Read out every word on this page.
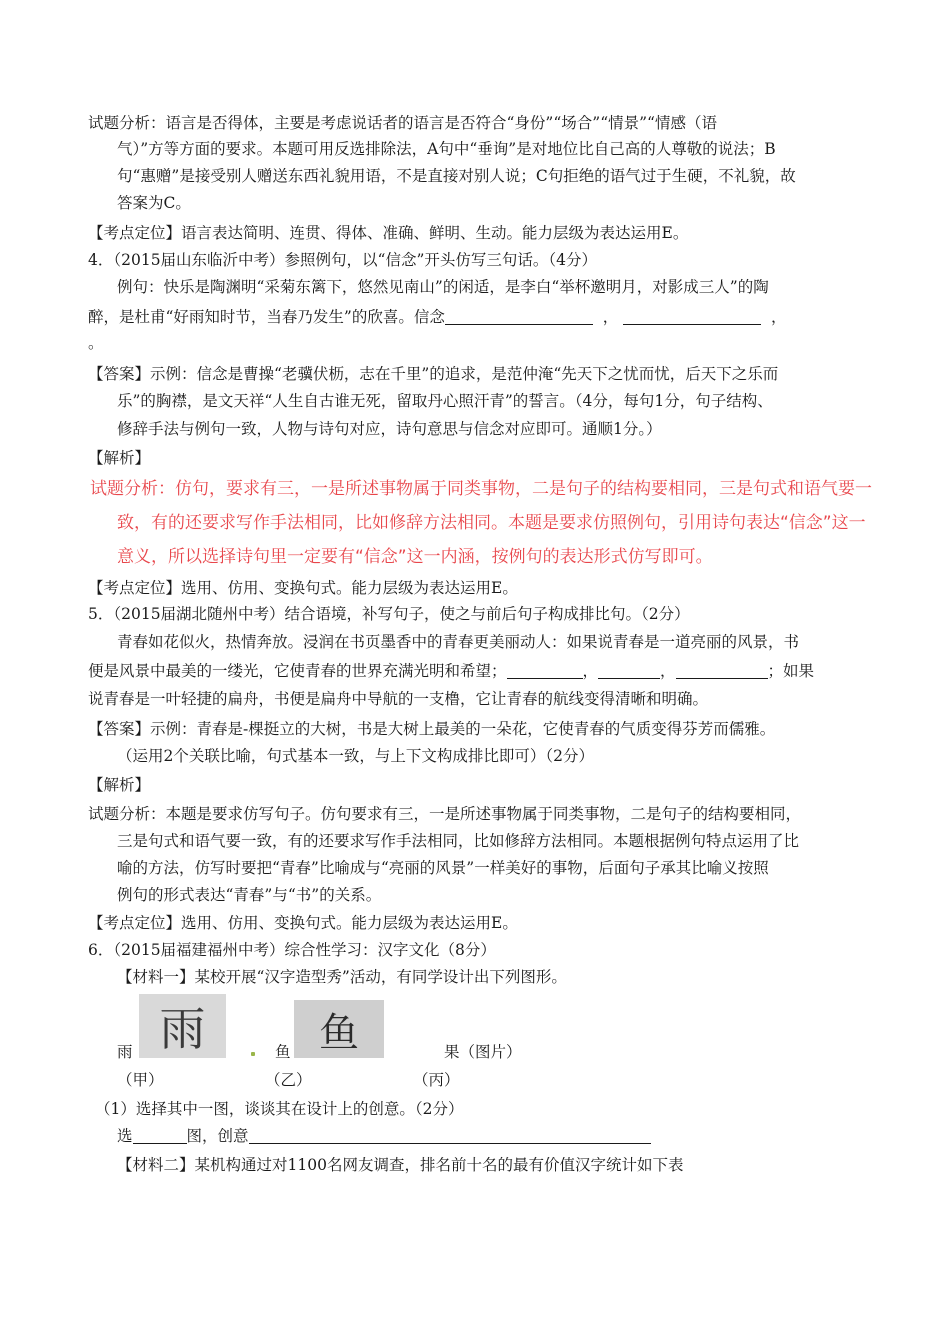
试题分析：语言是否得体，主要是考虑说话者的语言是否符合“身份”“场合”“情景”“情感（语
气）”方等方面的要求。本题可用反选排除法，A句中“垂询”是对地位比自己高的人尊敬的说法；B
句“惠赠”是接受别人赠送东西礼貌用语，不是直接对别人说；C句拒绝的语气过于生硬，不礼貌，故
答案为C。
【考点定位】语言表达简明、连贯、得体、准确、鲜明、生动。能力层级为表达运用E。
4．（2015届山东临沂中考）参照例句，以“信念”开头仿写三句话。（4分）
例句：快乐是陶渊明“采菊东篱下，悠然见南山”的闲适，是李白“举杯邀明月，对影成三人”的陶
醉，是杜甫“好雨知时节，当春乃发生”的欣喜。信念	，	，
。
【答案】示例：信念是曹操“老骥伏枥，志在千里”的追求，是范仲淹“先天下之忧而忧，后天下之乐而
乐”的胸襟，是文天祥“人生自古谁无死，留取丹心照汗青”的誓言。（4分，每句1分，句子结构、
修辞手法与例句一致，人物与诗句对应，诗句意思与信念对应即可。通顺1分。）
【解析】
试题分析：仿句，要求有三，一是所述事物属于同类事物，二是句子的结构要相同，三是句式和语气要一
致，有的还要求写作手法相同，比如修辞方法相同。本题是要求仿照例句，引用诗句表达“信念”这一
意义，所以选择诗句里一定要有“信念”这一内涵，按例句的表达形式仿写即可。
【考点定位】选用、仿用、变换句式。能力层级为表达运用E。
5．（2015届湖北随州中考）结合语境，补写句子，使之与前后句子构成排比句。（2分）
青春如花似火，热情奔放。浸润在书页墨香中的青春更美丽动人：如果说青春是一道亮丽的风景，书
便是风景中最美的一缕光，它使青春的世界充满光明和希望；	，	，	；如果
说青春是一叶轻捷的扁舟，书便是扁舟中导航的一支橹，它让青春的航线变得清晰和明确。
【答案】示例：青春是-棵挺立的大树，书是大树上最美的一朵花，它使青春的气质变得芬芳而儒雅。
（运用2个关联比喻，句式基本一致，与上下文构成排比即可）（2分）
【解析】
试题分析：本题是要求仿写句子。仿句要求有三，一是所述事物属于同类事物，二是句子的结构要相同，
三是句式和语气要一致，有的还要求写作手法相同，比如修辞方法相同。本题根据例句特点运用了比
喻的方法，仿写时要把“青春”比喻成与“亮丽的风景”一样美好的事物，后面句子承其比喻义按照
例句的形式表达“青春”与“书”的关系。
【考点定位】选用、仿用、变换句式。能力层级为表达运用E。
6．（2015届福建福州中考）综合性学习：汉字文化（8分）
【材料一】某校开展“汉字造型秀”活动，有同学设计出下列图形。
雨	鱼
雨	鱼	果（图片）
（甲）	（乙）	（丙）
（1）选择其中一图，谈谈其在设计上的创意。（2分）
选	图，创意
【材料二】某机构通过对1100名网友调查，排名前十名的最有价值汉字统计如下表
